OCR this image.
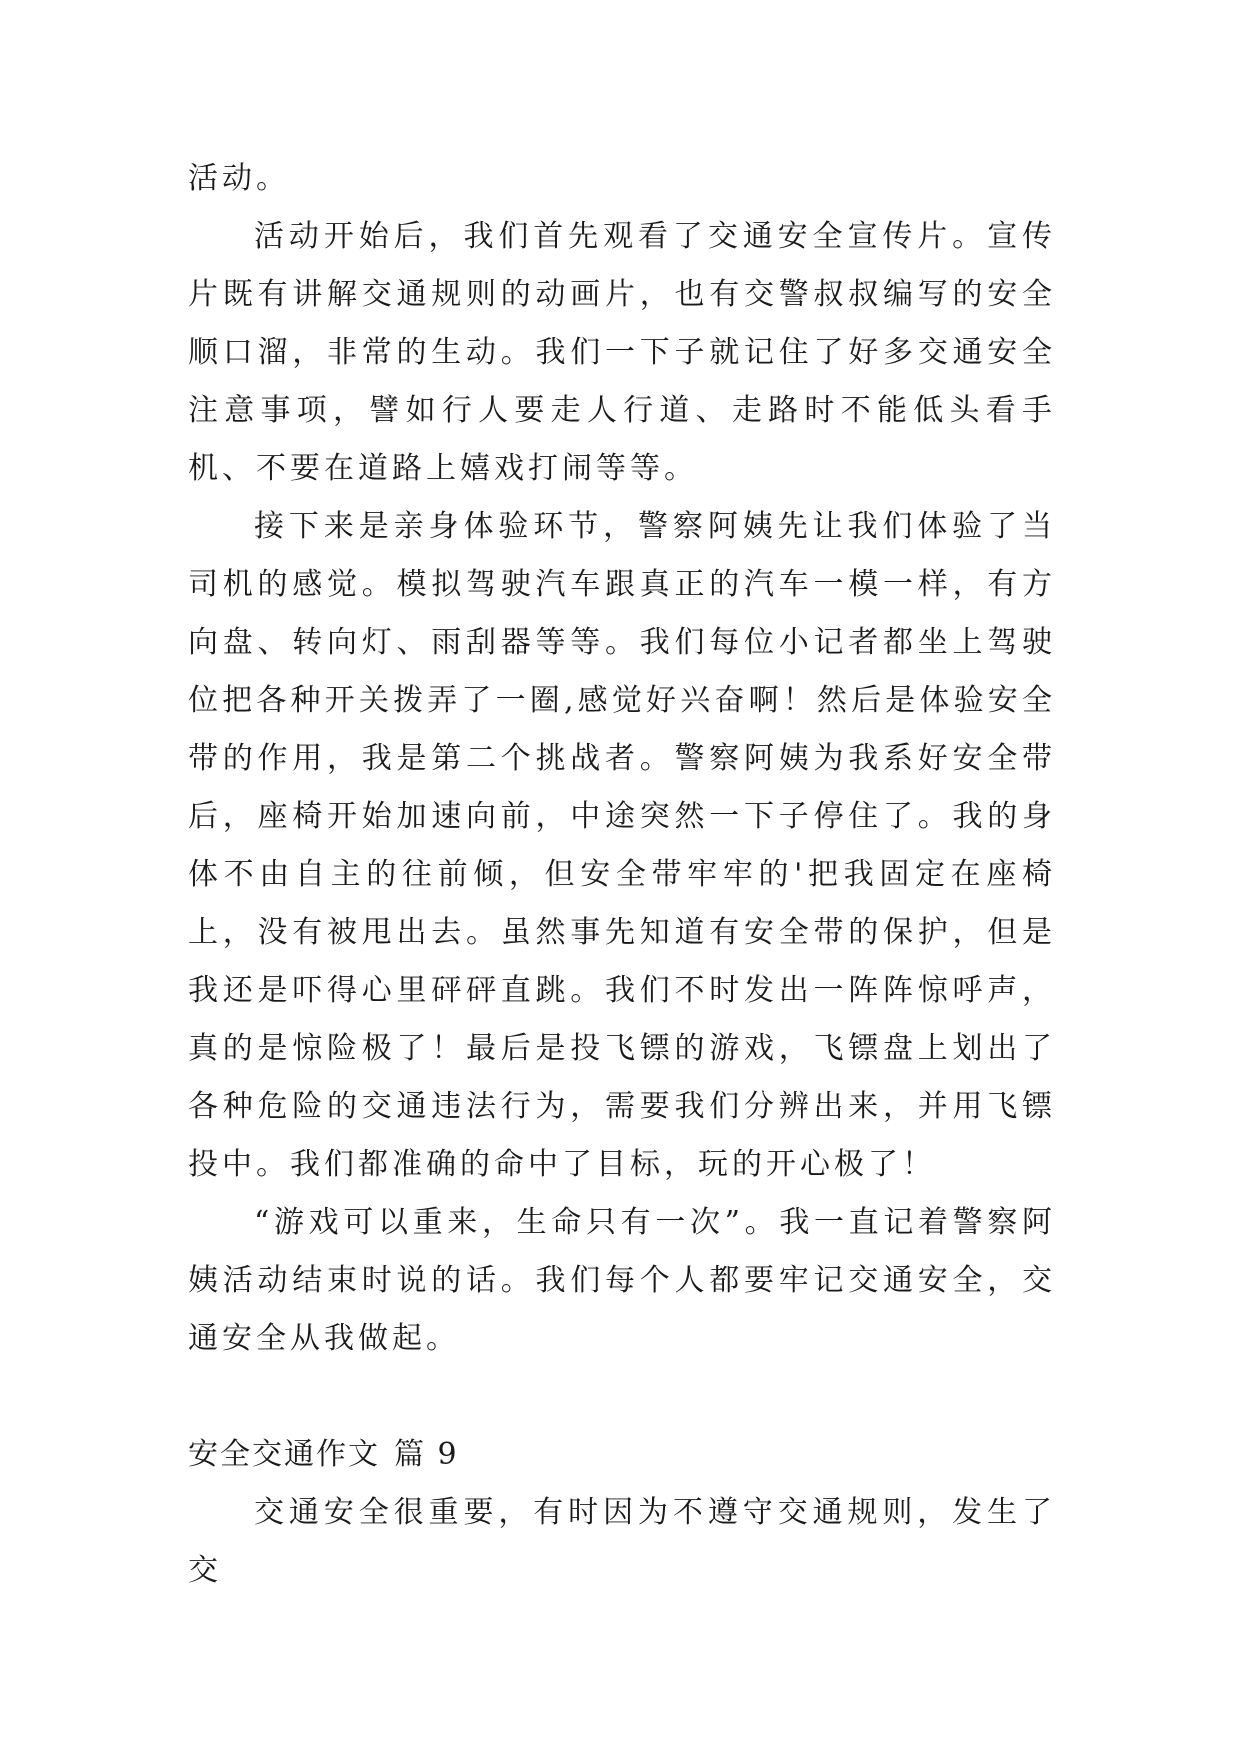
活动。

活动开始后，我们首先观看了交通安全宣传片。宣传片既有讲解交通规则的动画片，也有交警叔叔编写的安全顺口溜，非常的生动。我们一下子就记住了好多交通安全注意事项，譬如行人要走人行道、走路时不能低头看手机、不要在道路上嬉戏打闹等等。

接下来是亲身体验环节，警察阿姨先让我们体验了当司机的感觉。模拟驾驶汽车跟真正的汽车一模一样，有方向盘、转向灯、雨刮器等等。我们每位小记者都坐上驾驶位把各种开关拨弄了一圈,感觉好兴奋啊！然后是体验安全带的作用，我是第二个挑战者。警察阿姨为我系好安全带后，座椅开始加速向前，中途突然一下子停住了。我的身体不由自主的往前倾，但安全带牢牢的'把我固定在座椅上，没有被甩出去。虽然事先知道有安全带的保护，但是我还是吓得心里砰砰直跳。我们不时发出一阵阵惊呼声，真的是惊险极了！最后是投飞镖的游戏，飞镖盘上划出了各种危险的交通违法行为，需要我们分辨出来，并用飞镖投中。我们都准确的命中了目标，玩的开心极了！

“游戏可以重来，生命只有一次”。我一直记着警察阿姨活动结束时说的话。我们每个人都要牢记交通安全，交通安全从我做起。

安全交通作文 篇 9

交通安全很重要，有时因为不遵守交通规则，发生了交
